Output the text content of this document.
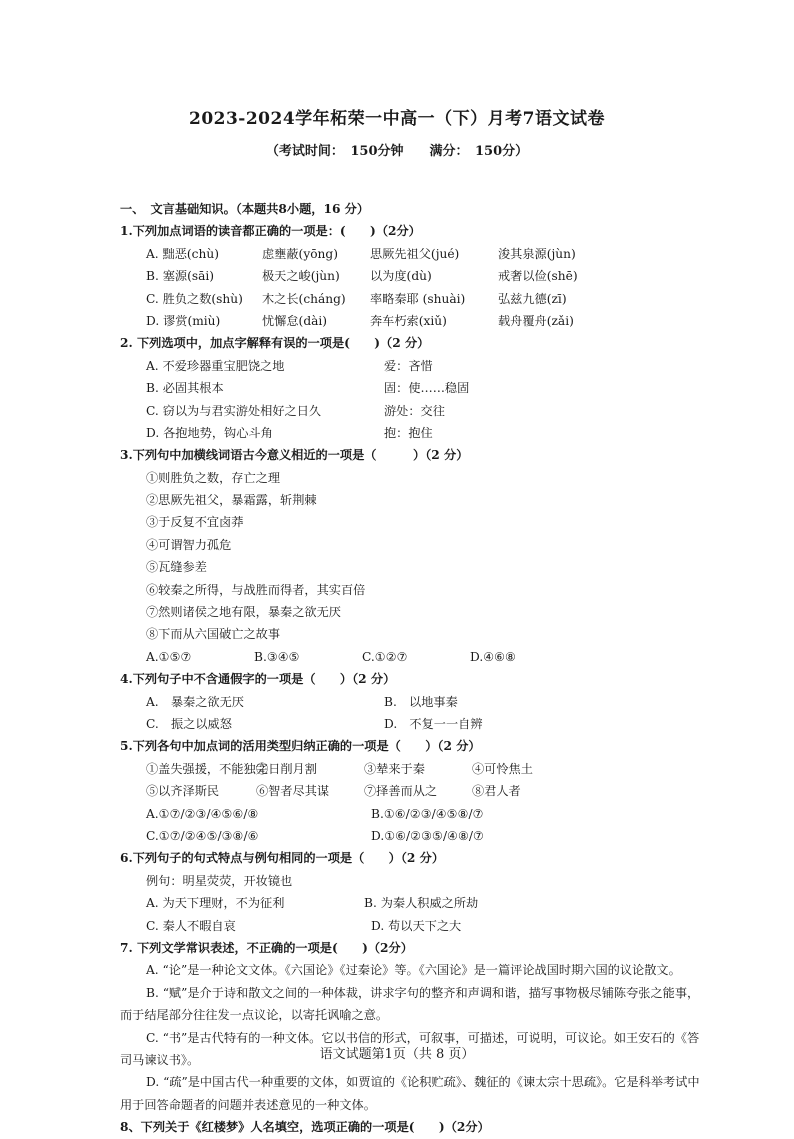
2023-2024学年柘荣一中高一（下）月考7语文试卷
（考试时间：　150分钟　　满分：　150分）
一、　文言基础知识。（本题共8小题，16 分）
1.下列加点词语的读音都正确的一项是：(　　)（2分）
A. 黜恶(chù)	虑壅蔽(yōng)	思厥先祖父(jué)	浚其泉源(jùn)
B. 塞源(sāi)	极天之峻(jùn)	以为度(dù)	戒奢以俭(shē)
C. 胜负之数(shù)	木之长(cháng)	率略秦耶 (shuài)	弘兹九德(zī)
D. 谬赏(miù)	忧懈怠(dài)	奔车朽索(xiǔ)	载舟覆舟(zǎi)
2. 下列选项中，加点字解释有误的一项是(　　)（2 分）
A. 不爱珍器重宝肥饶之地	爱：吝惜
B. 必固其根本	固：使……稳固
C. 窃以为与君实游处相好之日久	游处：交往
D. 各抱地势，钩心斗角	抱：抱住
3.下列句中加横线词语古今意义相近的一项是（　　　）（2 分）
①则胜负之数，存亡之理
②思厥先祖父，暴霜露，斩荆棘
③于反复不宜卤莽
④可谓智力孤危
⑤瓦缝参差
⑥较秦之所得，与战胜而得者，其实百倍
⑦然则诸侯之地有限，暴秦之欲无厌
⑧下而从六国破亡之故事
A.①⑤⑦	B.③④⑤	C.①②⑦	D.④⑥⑧
4.下列句子中不含通假字的一项是（　　）（2 分）
A.　暴秦之欲无厌	B.　以地事秦
C.　振之以威怒	D.　不复一一自辨
5.下列各句中加点词的活用类型归纳正确的一项是（　　）（2 分）
①盖失强援，不能独完
②日削月割	③辇来于秦	④可怜焦土
⑤以齐泽斯民	⑥智者尽其谋	⑦择善而从之	⑧君人者
A.①⑦/②③/④⑤⑥/⑧	B.①⑥/②③/④⑤⑧/⑦
C.①⑦/②④⑤/③⑧/⑥	D.①⑥/②③⑤/④⑧/⑦
6.下列句子的句式特点与例句相同的一项是（　　）（2 分）
例句：明星荧荧，开妆镜也
A. 为天下理财，不为征利	B. 为秦人积威之所劫
C. 秦人不暇自哀	D. 苟以天下之大
7. 下列文学常识表述，不正确的一项是(　　)（2分）
A. “论”是一种论文文体。《六国论》《过秦论》等。《六国论》是一篇评论战国时期六国的议论散文。
B. “赋”是介于诗和散文之间的一种体裁，讲求字句的整齐和声调和谐，描写事物极尽铺陈夸张之能事，而于结尾部分往往发一点议论，以寄托讽喻之意。
C. “书”是古代特有的一种文体。它以书信的形式，可叙事，可描述，可说明，可议论。如王安石的《答司马谏议书》。
D. “疏”是中国古代一种重要的文体，如贾谊的《论积贮疏》、魏征的《谏太宗十思疏》。它是科举考试中用于回答命题者的问题并表述意见的一种文体。
8、下列关于《红楼梦》人名填空，选项正确的一项是(　　)（2分）
语文试题第1页（共 8 页）
